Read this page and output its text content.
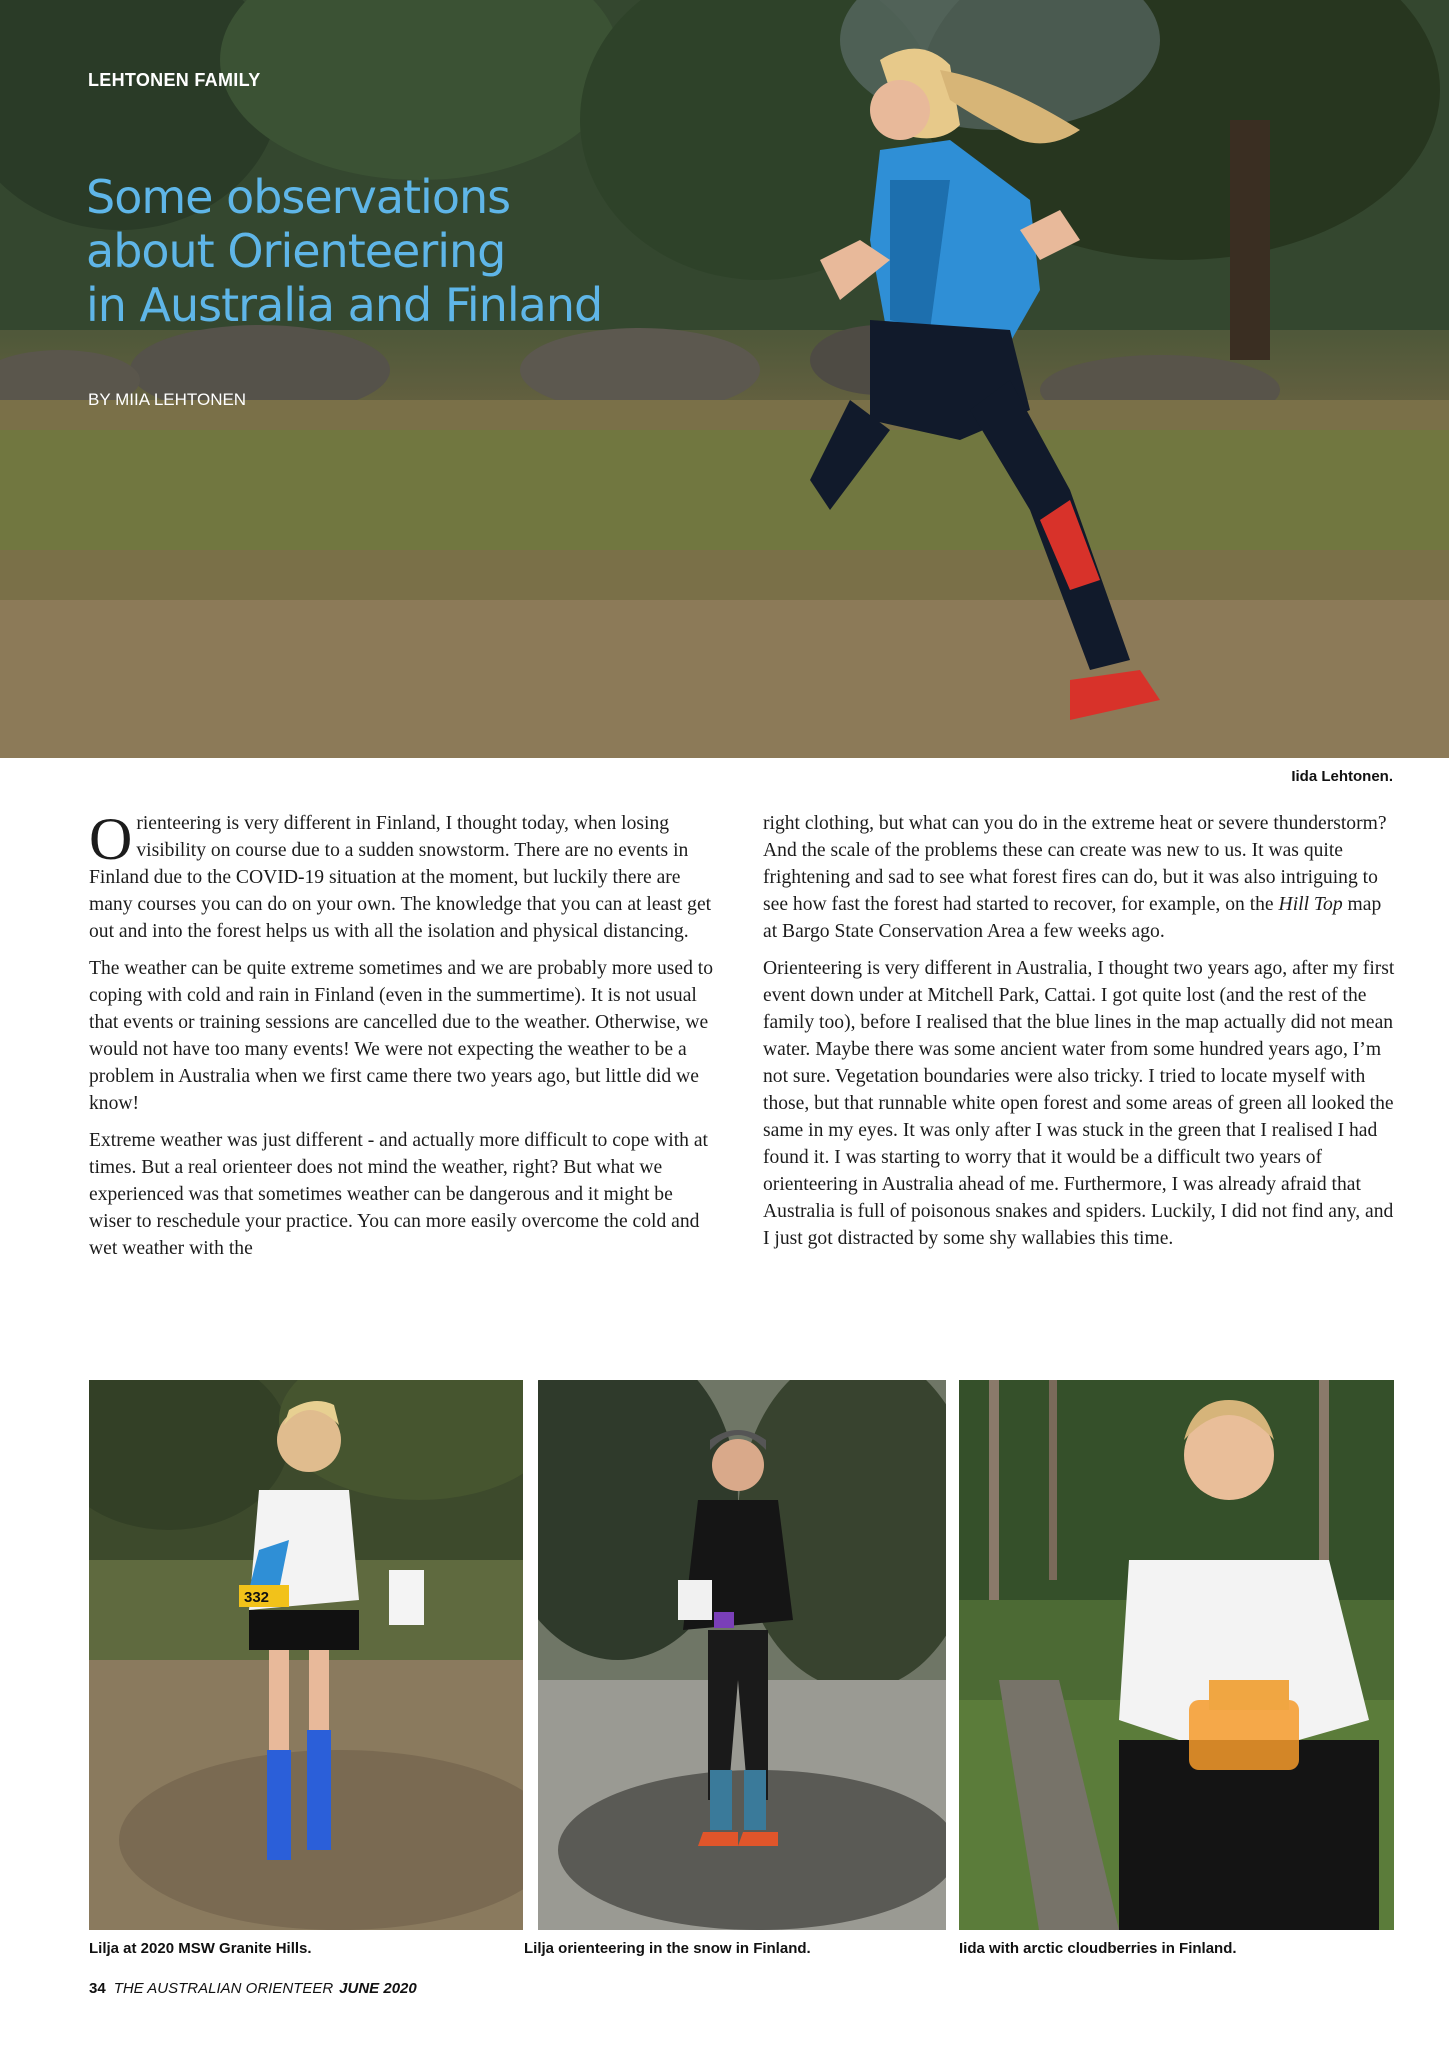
LEHTONEN FAMILY
Some observations
about Orienteering
in Australia and Finland
BY MIIA LEHTONEN
Iida Lehtonen.

Orienteering is very different in Finland, I thought today, when losing visibility on course due to a sudden snowstorm. There are no events in Finland due to the COVID-19 situation at the moment, but luckily there are many courses you can do on your own. The knowledge that you can at least get out and into the forest helps us with all the isolation and physical distancing.

The weather can be quite extreme sometimes and we are probably more used to coping with cold and rain in Finland (even in the summertime). It is not usual that events or training sessions are cancelled due to the weather. Otherwise, we would not have too many events! We were not expecting the weather to be a problem in Australia when we first came there two years ago, but little did we know!

Extreme weather was just different - and actually more difficult to cope with at times. But a real orienteer does not mind the weather, right? But what we experienced was that sometimes weather can be dangerous and it might be wiser to reschedule your practice. You can more easily overcome the cold and wet weather with the

right clothing, but what can you do in the extreme heat or severe thunderstorm? And the scale of the problems these can create was new to us. It was quite frightening and sad to see what forest fires can do, but it was also intriguing to see how fast the forest had started to recover, for example, on the Hill Top map at Bargo State Conservation Area a few weeks ago.

Orienteering is very different in Australia, I thought two years ago, after my first event down under at Mitchell Park, Cattai. I got quite lost (and the rest of the family too), before I realised that the blue lines in the map actually did not mean water. Maybe there was some ancient water from some hundred years ago, I’m not sure. Vegetation boundaries were also tricky. I tried to locate myself with those, but that runnable white open forest and some areas of green all looked the same in my eyes. It was only after I was stuck in the green that I realised I had found it. I was starting to worry that it would be a difficult two years of orienteering in Australia ahead of me. Furthermore, I was already afraid that Australia is full of poisonous snakes and spiders. Luckily, I did not find any, and I just got distracted by some shy wallabies this time.

332
Lilja at 2020 MSW Granite Hills.	Lilja orienteering in the snow in Finland.	Iida with arctic cloudberries in Finland.
34 THE AUSTRALIAN ORIENTEER JUNE 2020
